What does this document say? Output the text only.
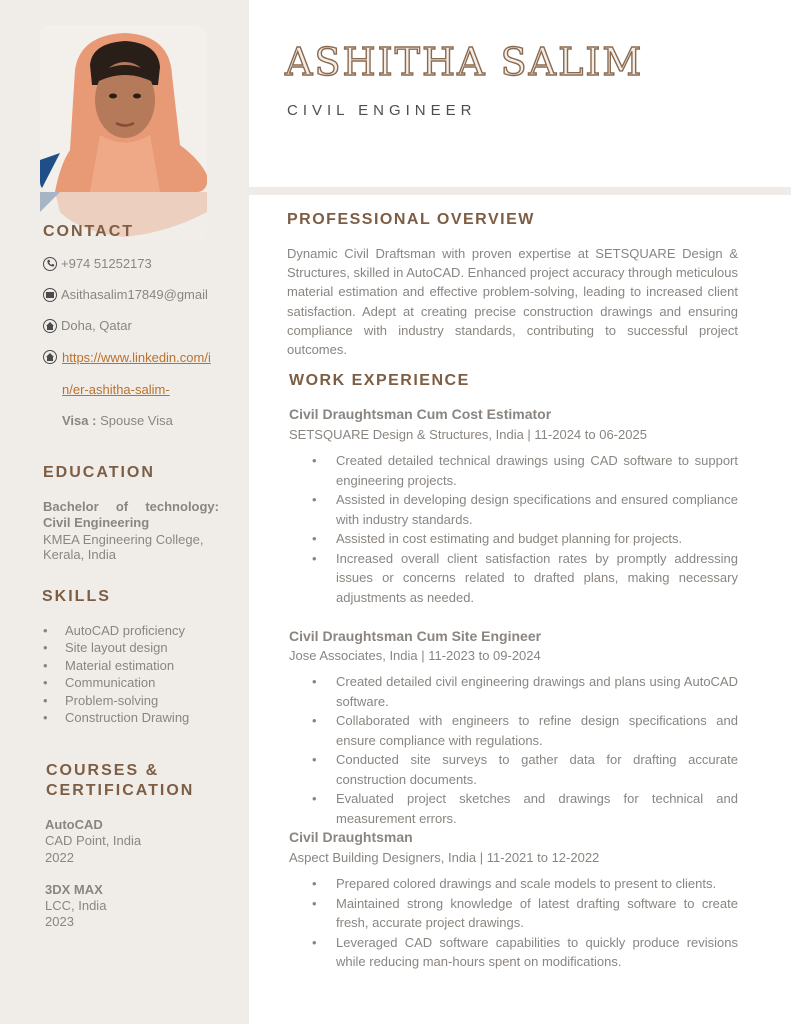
CONTACT
+974 51252173
Asithasalim17849@gmail
Doha, Qatar
https://www.linkedin.com/i
n/er-ashitha-salim-
Visa : Spouse Visa
EDUCATION
Bachelor of technology:
Civil Engineering
KMEA Engineering College,
Kerala, India
SKILLS
• AutoCAD proficiency
• Site layout design
• Material estimation
• Communication
• Problem-solving
• Construction Drawing
COURSES &
CERTIFICATION
AutoCAD
CAD Point, India
2022
3DX MAX
LCC, India
2023
ASHITHA SALIM
CIVIL ENGINEER
PROFESSIONAL OVERVIEW

Dynamic Civil Draftsman with proven expertise at SETSQUARE Design & Structures, skilled in AutoCAD. Enhanced project accuracy through meticulous material estimation and effective problem-solving, leading to increased client satisfaction. Adept at creating precise construction drawings and ensuring compliance with industry standards, contributing to successful project outcomes.

WORK EXPERIENCE
Civil Draughtsman Cum Cost Estimator
SETSQUARE Design & Structures, India | 11-2024 to 06-2025
• Created detailed technical drawings using CAD software to support engineering projects.
• Assisted in developing design specifications and ensured compliance with industry standards.
• Assisted in cost estimating and budget planning for projects.
• Increased overall client satisfaction rates by promptly addressing issues or concerns related to drafted plans, making necessary adjustments as needed.
Civil Draughtsman Cum Site Engineer
Jose Associates, India | 11-2023 to 09-2024
• Created detailed civil engineering drawings and plans using AutoCAD software.
• Collaborated with engineers to refine design specifications and ensure compliance with regulations.
• Conducted site surveys to gather data for drafting accurate construction documents.
• Evaluated project sketches and drawings for technical and measurement errors.
Civil Draughtsman
Aspect Building Designers, India | 11-2021 to 12-2022
• Prepared colored drawings and scale models to present to clients.
• Maintained strong knowledge of latest drafting software to create fresh, accurate project drawings.
• Leveraged CAD software capabilities to quickly produce revisions while reducing man-hours spent on modifications.
